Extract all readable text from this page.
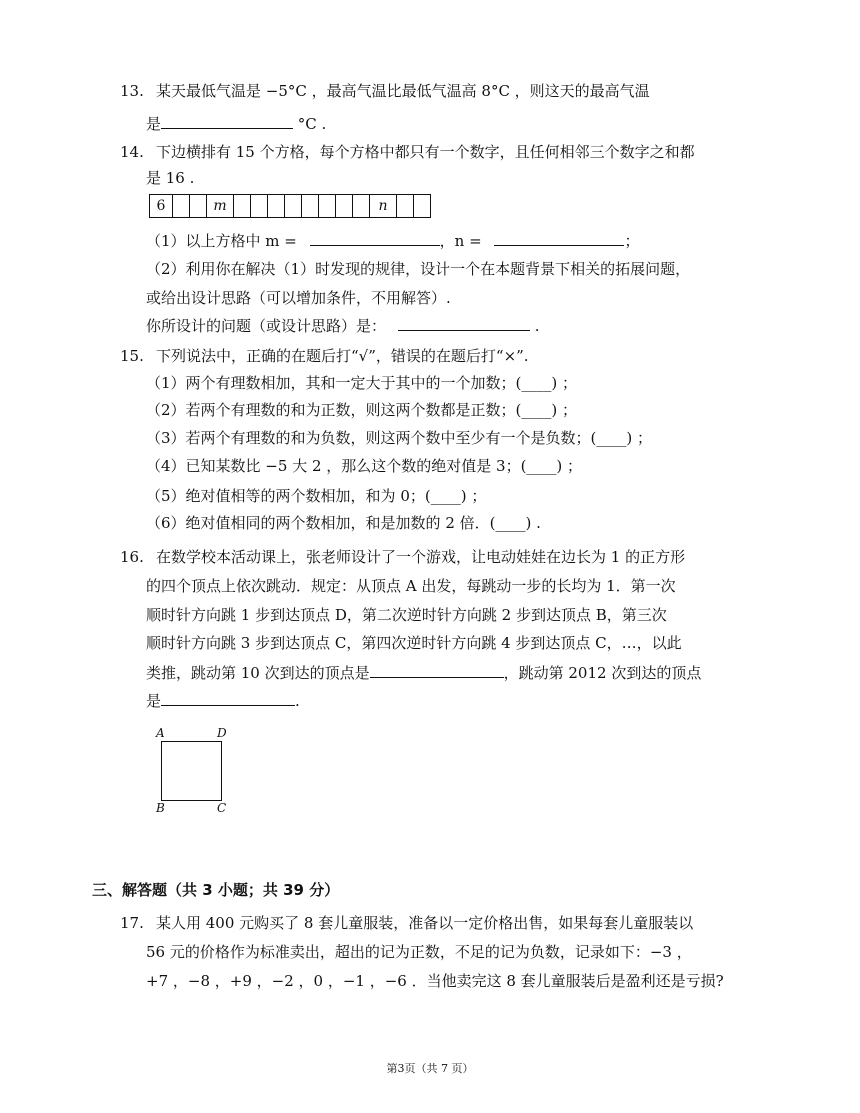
13. 某天最低气温是 −5°C ，最高气温比最低气温高 8°C ，则这天的最高气温
是	°C .
14. 下边横排有 15 个方格，每个方格中都只有一个数字，且任何相邻三个数字之和都
是 16 .
6	m	n
（1）以上方格中 m =	，n =	；
（2）利用你在解决（1）时发现的规律，设计一个在本题背景下相关的拓展问题，
或给出设计思路（可以增加条件，不用解答）.
你所设计的问题（或设计思路）是：	.
15. 下列说法中，正确的在题后打“√”，错误的在题后打“×”.
（1）两个有理数相加，其和一定大于其中的一个加数；(____) ；
（2）若两个有理数的和为正数，则这两个数都是正数；(____) ；
（3）若两个有理数的和为负数，则这两个数中至少有一个是负数；(____) ；
（4）已知某数比 −5 大 2 ，那么这个数的绝对值是 3；(____) ；
（5）绝对值相等的两个数相加，和为 0；(____) ；
（6）绝对值相同的两个数相加，和是加数的 2 倍．(____) .
16. 在数学校本活动课上，张老师设计了一个游戏，让电动娃娃在边长为 1 的正方形
的四个顶点上依次跳动．规定：从顶点 A 出发，每跳动一步的长均为 1．第一次
顺时针方向跳 1 步到达顶点 D，第二次逆时针方向跳 2 步到达顶点 B，第三次
顺时针方向跳 3 步到达顶点 C，第四次逆时针方向跳 4 步到达顶点 C，…，以此
类推，跳动第 10 次到达的顶点是	，跳动第 2012 次到达的顶点
是	.
A	D
B	C
三、解答题（共 3 小题；共 39 分）
17. 某人用 400 元购买了 8 套儿童服装，准备以一定价格出售，如果每套儿童服装以
56 元的价格作为标准卖出，超出的记为正数，不足的记为负数，记录如下：−3 ，
+7 ，−8 ，+9 ，−2 ，0 ，−1 ，−6 ．当他卖完这 8 套儿童服装后是盈利还是亏损?
第3页（共 7 页）
